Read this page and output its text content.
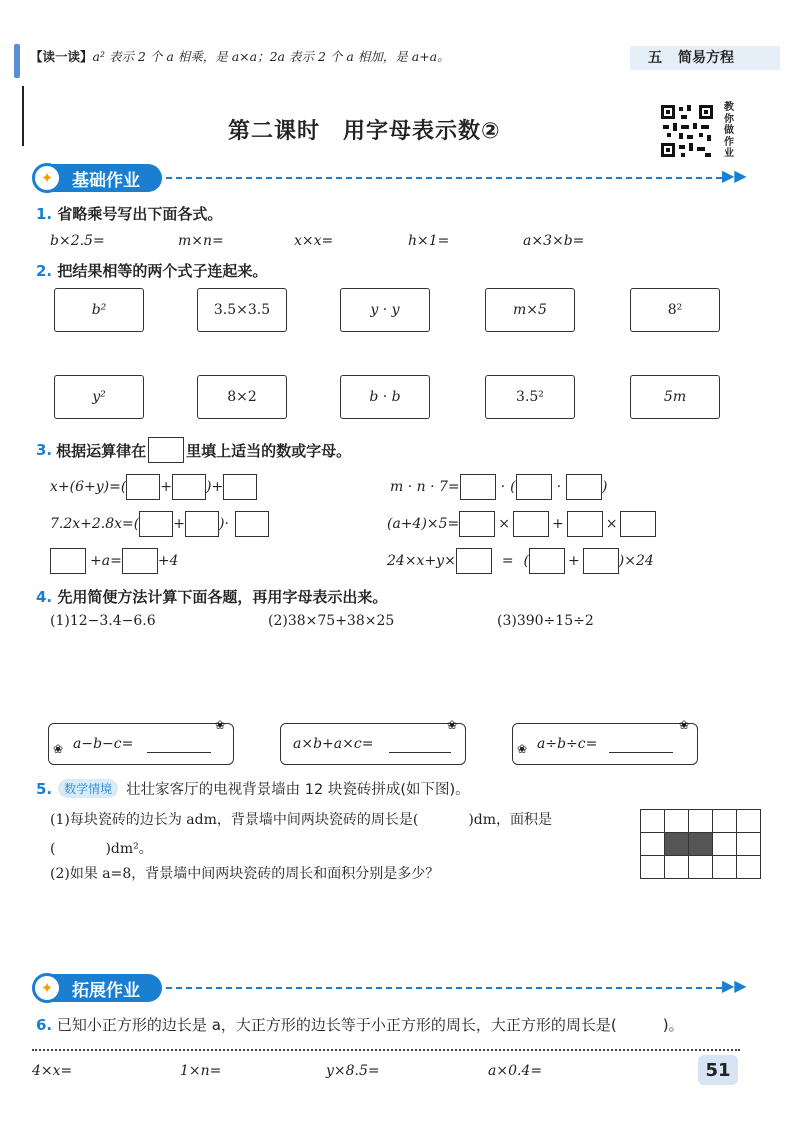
【读一读】a² 表示 2 个 a 相乘，是 a×a；2a 表示 2 个 a 相加，是 a+a。	五 简易方程
第二课时　用字母表示数②
教
你
做
作
业
基础作业
✦	▶▶
1. 省略乘号写出下面各式。
b×2.5=	m×n=	x×x=	h×1=	a×3×b=
2. 把结果相等的两个式子连起来。
b²	3.5×3.5	y · y	m×5	8²
y²	8×2	b · b	3.5²	5m
3. 根据运算律在	里填上适当的数或字母。
x+(6+y)=( + )+	m · n · 7=	· (	·	)
7.2x+2.8x=( + )·	(a+4)×5=	×	+	×
+a=	+4	24×x+y×	= (	+	)×24
4. 先用简便方法计算下面各题，再用字母表示出来。
(1)12−3.4−6.6	(2)38×75+38×25	(3)390÷15÷2
a−b−c=
❀
❀
a×b+a×c=
❀
a÷b÷c=
❀
❀
5.	数学情境 壮壮家客厅的电视背景墙由 12 块瓷砖拼成(如下图)。
(1)每块瓷砖的边长为 adm，背景墙中间两块瓷砖的周长是(	)dm，面积是
(	)dm²。
(2)如果 a=8，背景墙中间两块瓷砖的周长和面积分别是多少？

拓展作业
✦	▶▶
6. 已知小正方形的边长是 a，大正方形的边长等于小正方形的周长，大正方形的周长是(	)。
4×x=	1×n=	y×8.5=	a×0.4=	51
